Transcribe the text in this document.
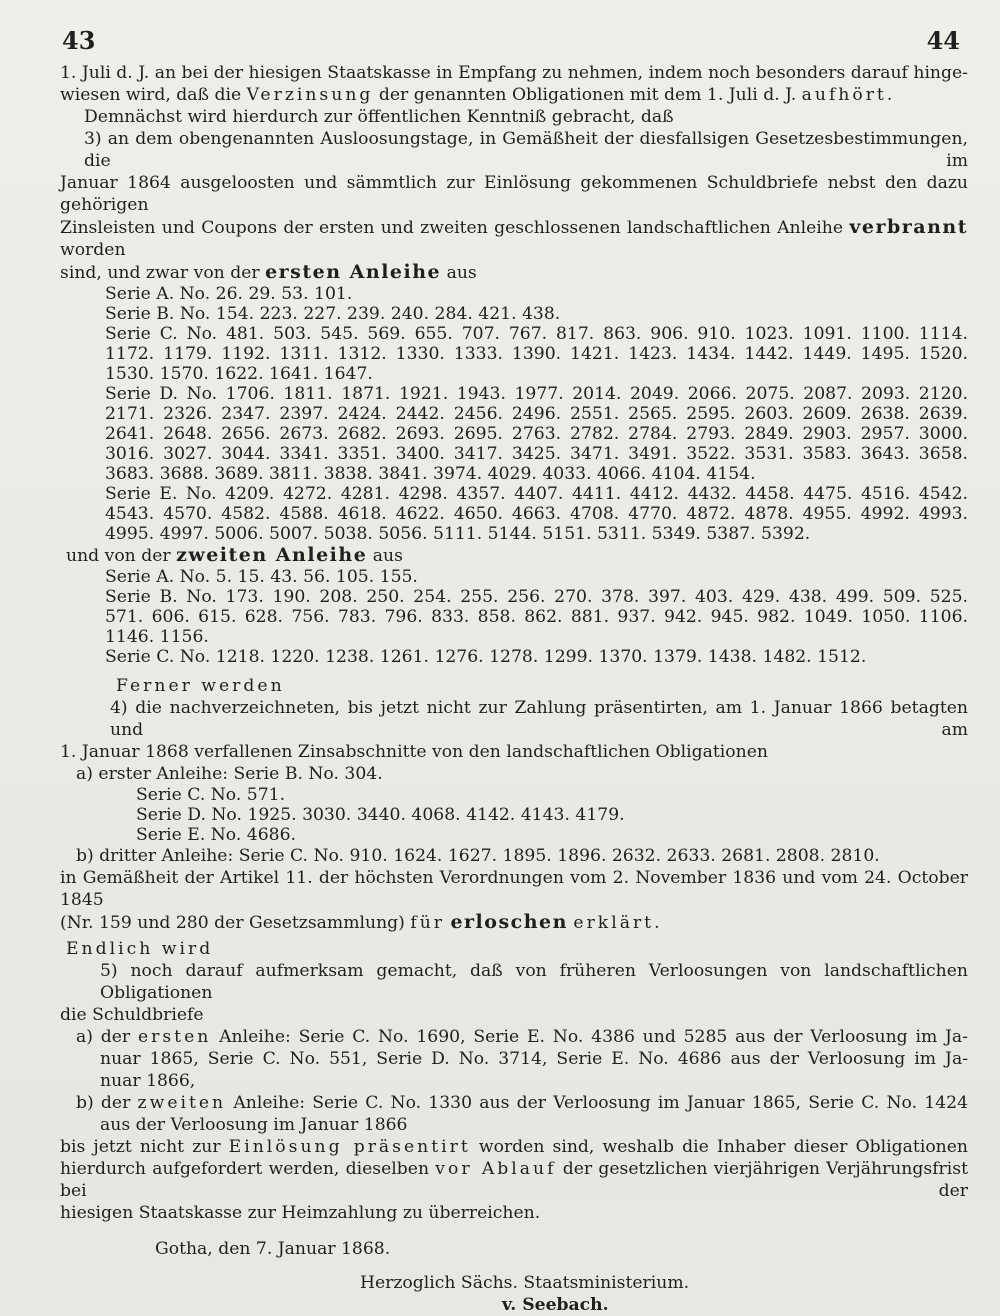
43	44

1. Juli d. J. an bei der hiesigen Staatskasse in Empfang zu nehmen, indem noch besonders darauf hinge-

wiesen wird, daß die Verzinsung der genannten Obligationen mit dem 1. Juli d. J. aufhört.

Demnächst wird hierdurch zur öffentlichen Kenntniß gebracht, daß

3) an dem obengenannten Ausloosungstage, in Gemäßheit der diesfallsigen Gesetzesbestimmungen, die im

Januar 1864 ausgeloosten und sämmtlich zur Einlösung gekommenen Schuldbriefe nebst den dazu gehörigen

Zinsleisten und Coupons der ersten und zweiten geschlossenen landschaftlichen Anleihe verbrannt worden

sind, und zwar von der ersten Anleihe aus

Serie A. No. 26. 29. 53. 101.

Serie B. No. 154. 223. 227. 239. 240. 284. 421. 438.

Serie C. No. 481. 503. 545. 569. 655. 707. 767. 817. 863. 906. 910. 1023. 1091. 1100. 1114.

1172. 1179. 1192. 1311. 1312. 1330. 1333. 1390. 1421. 1423. 1434. 1442. 1449. 1495. 1520.

1530. 1570. 1622. 1641. 1647.

Serie D. No. 1706. 1811. 1871. 1921. 1943. 1977. 2014. 2049. 2066. 2075. 2087. 2093. 2120.

2171. 2326. 2347. 2397. 2424. 2442. 2456. 2496. 2551. 2565. 2595. 2603. 2609. 2638. 2639.

2641. 2648. 2656. 2673. 2682. 2693. 2695. 2763. 2782. 2784. 2793. 2849. 2903. 2957. 3000.

3016. 3027. 3044. 3341. 3351. 3400. 3417. 3425. 3471. 3491. 3522. 3531. 3583. 3643. 3658.

3683. 3688. 3689. 3811. 3838. 3841. 3974. 4029. 4033. 4066. 4104. 4154.

Serie E. No. 4209. 4272. 4281. 4298. 4357. 4407. 4411. 4412. 4432. 4458. 4475. 4516. 4542.

4543. 4570. 4582. 4588. 4618. 4622. 4650. 4663. 4708. 4770. 4872. 4878. 4955. 4992. 4993.

4995. 4997. 5006. 5007. 5038. 5056. 5111. 5144. 5151. 5311. 5349. 5387. 5392.

und von der zweiten Anleihe aus

Serie A. No. 5. 15. 43. 56. 105. 155.

Serie B. No. 173. 190. 208. 250. 254. 255. 256. 270. 378. 397. 403. 429. 438. 499. 509. 525.

571. 606. 615. 628. 756. 783. 796. 833. 858. 862. 881. 937. 942. 945. 982. 1049. 1050. 1106.

1146. 1156.

Serie C. No. 1218. 1220. 1238. 1261. 1276. 1278. 1299. 1370. 1379. 1438. 1482. 1512.

Ferner werden

4) die nachverzeichneten, bis jetzt nicht zur Zahlung präsentirten, am 1. Januar 1866 betagten und am

1. Januar 1868 verfallenen Zinsabschnitte von den landschaftlichen Obligationen

a) erster Anleihe: Serie B. No. 304.

Serie C. No. 571.

Serie D. No. 1925. 3030. 3440. 4068. 4142. 4143. 4179.

Serie E. No. 4686.

b) dritter Anleihe: Serie C. No. 910. 1624. 1627. 1895. 1896. 2632. 2633. 2681. 2808. 2810.

in Gemäßheit der Artikel 11. der höchsten Verordnungen vom 2. November 1836 und vom 24. October 1845

(Nr. 159 und 280 der Gesetzsammlung) für erloschen erklärt.

Endlich wird

5) noch darauf aufmerksam gemacht, daß von früheren Verloosungen von landschaftlichen Obligationen

die Schuldbriefe

a) der ersten Anleihe: Serie C. No. 1690, Serie E. No. 4386 und 5285 aus der Verloosung im Ja-

nuar 1865, Serie C. No. 551, Serie D. No. 3714, Serie E. No. 4686 aus der Verloosung im Ja-

nuar 1866,

b) der zweiten Anleihe: Serie C. No. 1330 aus der Verloosung im Januar 1865, Serie C. No. 1424

aus der Verloosung im Januar 1866

bis jetzt nicht zur Einlösung präsentirt worden sind, weshalb die Inhaber dieser Obligationen

hierdurch aufgefordert werden, dieselben vor Ablauf der gesetzlichen vierjährigen Verjährungsfrist bei der

hiesigen Staatskasse zur Heimzahlung zu überreichen.

Gotha, den 7. Januar 1868.

Herzoglich Sächs. Staatsministerium.

v. Seebach.
